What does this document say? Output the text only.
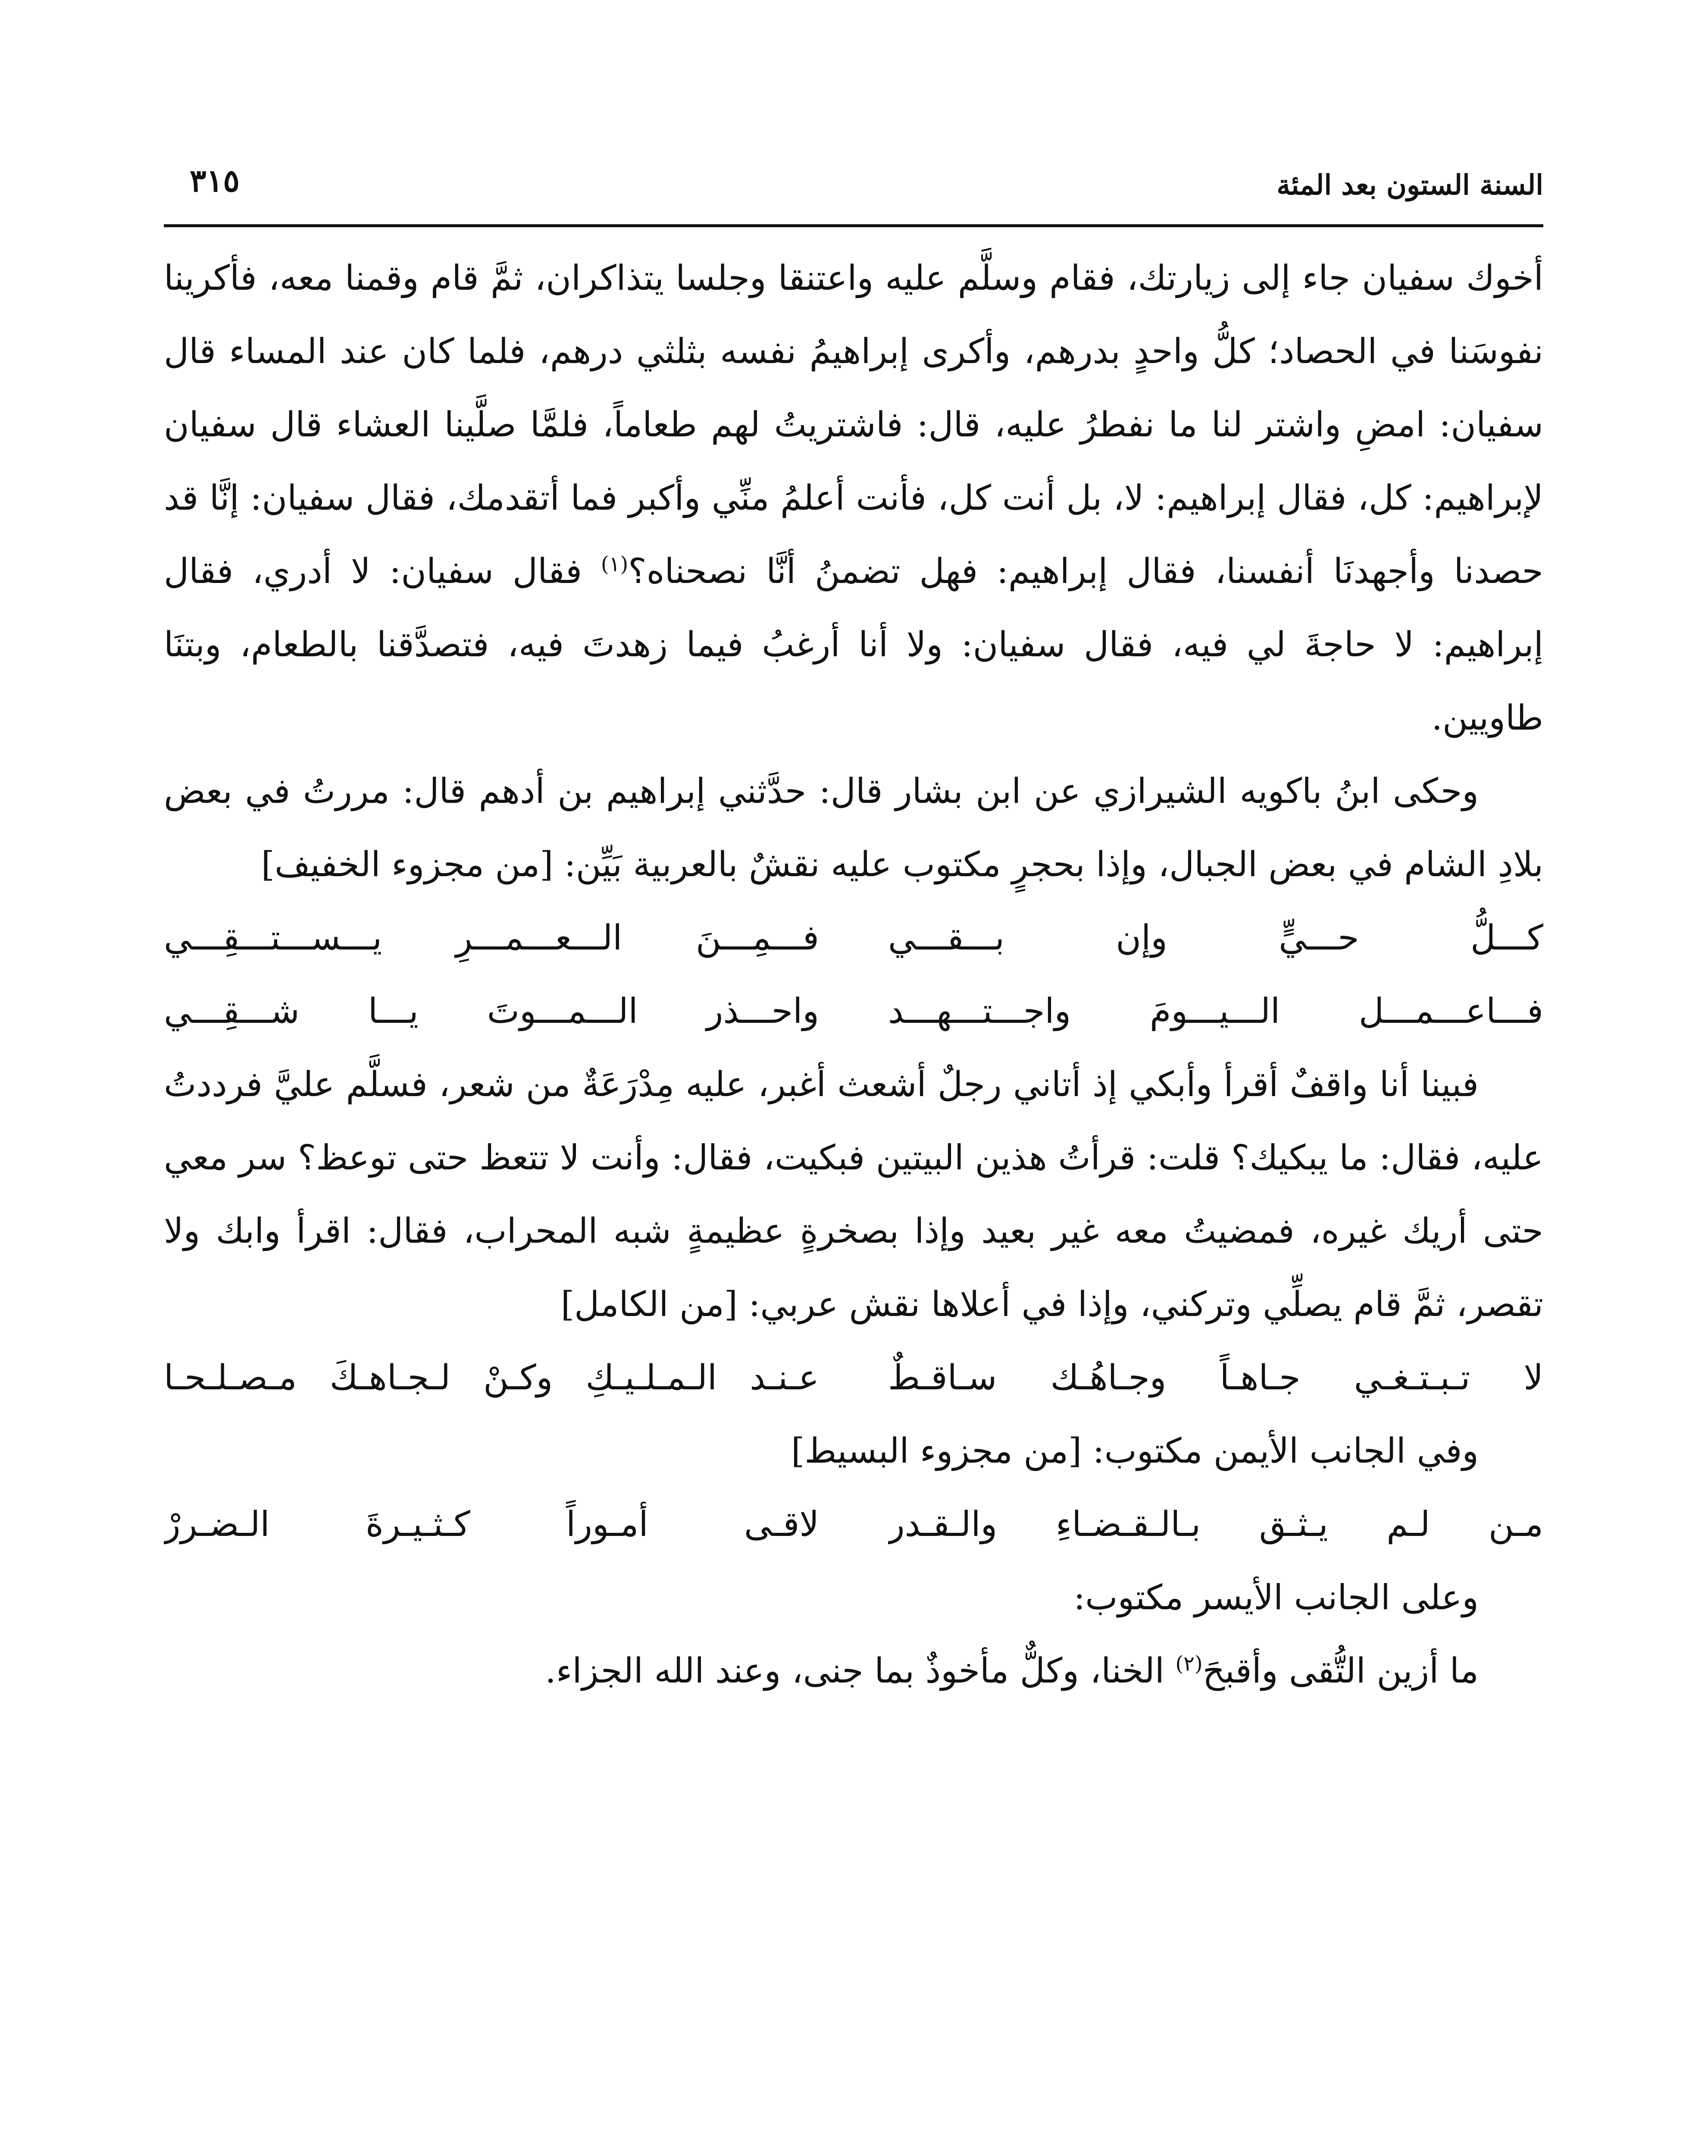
السنة الستون بعد المئة
٣١٥

أخوك سفيان جاء إلى زيارتك، فقام وسلَّم عليه واعتنقا وجلسا يتذاكران، ثمَّ قام وقمنا معه، فأكرينا نفوسَنا في الحصاد؛ كلُّ واحدٍ بدرهم، وأكرى إبراهيمُ نفسه بثلثي درهم، فلما كان عند المساء قال سفيان: امضِ واشتر لنا ما نفطرُ عليه، قال: فاشتريتُ لهم طعاماً، فلمَّا صلَّينا العشاء قال سفيان لإبراهيم: كل، فقال إبراهيم: لا، بل أنت كل، فأنت أعلمُ منِّي وأكبر فما أتقدمك، فقال سفيان: إنَّا قد حصدنا وأجهدنَا أنفسنا، فقال إبراهيم: فهل تضمنُ أنَّا نصحناه؟$^{(١)}$ فقال سفيان: لا أدري، فقال إبراهيم: لا حاجةَ لي فيه، فقال سفيان: ولا أنا أرغبُ فيما زهدتَ فيه، فتصدَّقنا بالطعام، وبتنَا طاويين.

وحكى ابنُ باكويه الشيرازي عن ابن بشار قال: حدَّثني إبراهيم بن أدهم قال: مررتُ في بعض بلادِ الشام في بعض الجبال، وإذا بحجرٍ مكتوب عليه نقشٌ بالعربية بَيِّن: [من مجزوء الخفيف]

كـــلُّ حـــيٍّ وإن بـــقـــي
فـــمِـــنَ الـــعـــمـــرِ يـــســـتـــقِـــي
فـــاعـــمـــل الـــيـــومَ واجـــتـــهـــد
واحـــذر الـــمـــوتَ يـــا شـــقِـــي

فبينا أنا واقفٌ أقرأ وأبكي إذ أتاني رجلٌ أشعث أغبر، عليه مِدْرَعَةٌ من شعر، فسلَّم عليَّ فرددتُ عليه، فقال: ما يبكيك؟ قلت: قرأتُ هذين البيتين فبكيت، فقال: وأنت لا تتعظ حتى توعظ؟ سر معي حتى أريك غيره، فمضيتُ معه غير بعيد وإذا بصخرةٍ عظيمةٍ شبه المحراب، فقال: اقرأ وابك ولا تقصر، ثمَّ قام يصلِّي وتركني، وإذا في أعلاها نقش عربي: [من الكامل]

لا تـبـتـغـي جـاهـاً وجـاهُـك سـاقـطٌ
عـنـد الـمـلـيـكِ وكـنْ لـجـاهـكَ مـصـلـحـا

وفي الجانب الأيمن مكتوب: [من مجزوء البسيط]

مـن لـم يـثـق بـالـقـضـاءِ والـقـدر
لاقـى أمـوراً كـثـيـرةَ الـضـررْ

وعلى الجانب الأيسر مكتوب:

ما أزين التُّقى وأقبحَ$^{(٢)}$ الخنا، وكلٌّ مأخوذٌ بما جنى، وعند الله الجزاء.
